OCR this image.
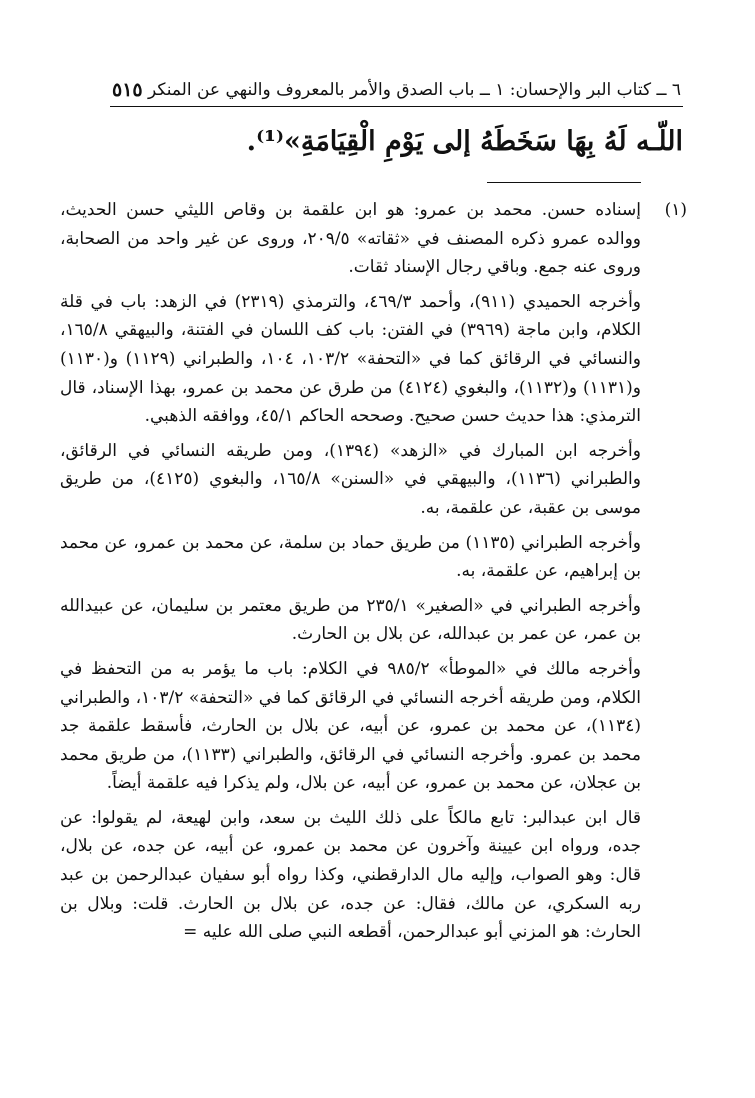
٦ ــ كتاب البر والإحسان: ١ ــ باب الصدق والأمر بالمعروف والنهي عن المنكر
٥١٥
اللّـه لَهُ بِهَا سَخَطَهُ إلى يَوْمِ الْقِيَامَةِ»⁽¹⁾.
(١)

إسناده حسن. محمد بن عمرو: هو ابن علقمة بن وقاص الليثي حسن الحديث، ووالده عمرو ذكره المصنف في «ثقاته» ٢٠٩/٥، وروى عن غير واحد من الصحابة، وروى عنه جمع. وباقي رجال الإسناد ثقات.

وأخرجه الحميدي (٩١١)، وأحمد ٤٦٩/٣، والترمذي (٢٣١٩) في الزهد: باب في قلة الكلام، وابن ماجة (٣٩٦٩) في الفتن: باب كف اللسان في الفتنة، والبيهقي ١٦٥/٨، والنسائي في الرقائق كما في «التحفة» ١٠٣/٢، ١٠٤، والطبراني (١١٢٩) و(١١٣٠) و(١١٣١) و(١١٣٢)، والبغوي (٤١٢٤) من طرق عن محمد بن عمرو، بهذا الإسناد، قال الترمذي: هذا حديث حسن صحيح. وصححه الحاكم ٤٥/١، ووافقه الذهبي.

وأخرجه ابن المبارك في «الزهد» (١٣٩٤)، ومن طريقه النسائي في الرقائق، والطبراني (١١٣٦)، والبيهقي في «السنن» ١٦٥/٨، والبغوي (٤١٢٥)، من طريق موسى بن عقبة، عن علقمة، به.

وأخرجه الطبراني (١١٣٥) من طريق حماد بن سلمة، عن محمد بن عمرو، عن محمد بن إبراهيم، عن علقمة، به.

وأخرجه الطبراني في «الصغير» ٢٣٥/١ من طريق معتمر بن سليمان، عن عبيدالله بن عمر، عن عمر بن عبدالله، عن بلال بن الحارث.

وأخرجه مالك في «الموطأ» ٩٨٥/٢ في الكلام: باب ما يؤمر به من التحفظ في الكلام، ومن طريقه أخرجه النسائي في الرقائق كما في «التحفة» ١٠٣/٢، والطبراني (١١٣٤)، عن محمد بن عمرو، عن أبيه، عن بلال بن الحارث، فأسقط علقمة جد محمد بن عمرو. وأخرجه النسائي في الرقائق، والطبراني (١١٣٣)، من طريق محمد بن عجلان، عن محمد بن عمرو، عن أبيه، عن بلال، ولم يذكرا فيه علقمة أيضاً.

قال ابن عبدالبر: تابع مالكاً على ذلك الليث بن سعد، وابن لهيعة، لم يقولوا: عن جده، ورواه ابن عيينة وآخرون عن محمد بن عمرو، عن أبيه، عن جده، عن بلال، قال: وهو الصواب، وإليه مال الدارقطني، وكذا رواه أبو سفيان عبدالرحمن بن عبد ربه السكري، عن مالك، فقال: عن جده، عن بلال بن الحارث. قلت: وبلال بن الحارث: هو المزني أبو عبدالرحمن، أقطعه النبي صلى الله عليه =
